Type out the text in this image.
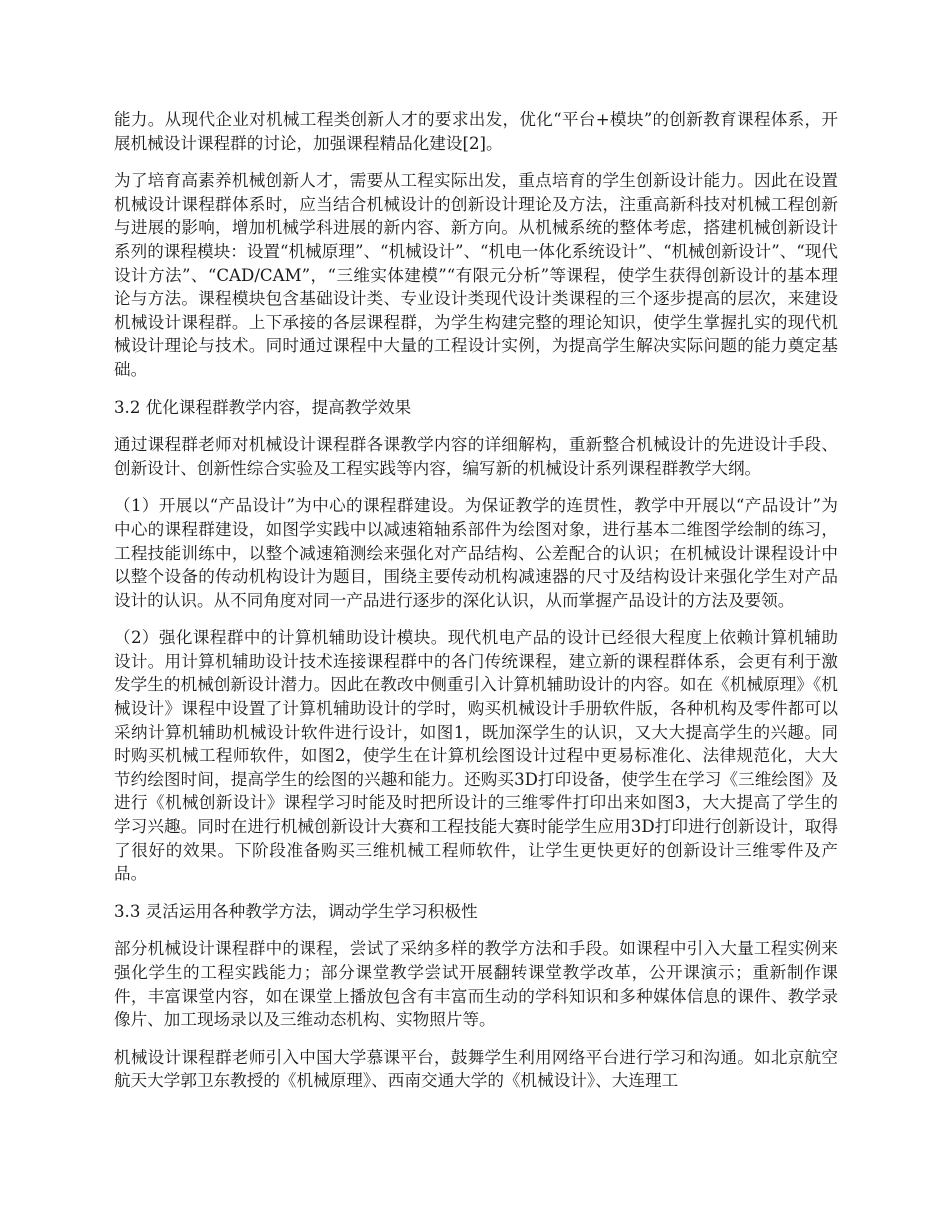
能力。从现代企业对机械工程类创新人才的要求出发，优化“平台+模块”的创新教育课程体系，开展机械设计课程群的讨论，加强课程精品化建设[2]。

为了培育高素养机械创新人才，需要从工程实际出发，重点培育的学生创新设计能力。因此在设置机械设计课程群体系时，应当结合机械设计的创新设计理论及方法，注重高新科技对机械工程创新与进展的影响，增加机械学科进展的新内容、新方向。从机械系统的整体考虑，搭建机械创新设计系列的课程模块：设置“机械原理”、“机械设计”、“机电一体化系统设计”、“机械创新设计”、“现代设计方法”、“CAD/CAM”，“三维实体建模”“有限元分析”等课程，使学生获得创新设计的基本理论与方法。课程模块包含基础设计类、专业设计类现代设计类课程的三个逐步提高的层次，来建设机械设计课程群。上下承接的各层课程群，为学生构建完整的理论知识，使学生掌握扎实的现代机械设计理论与技术。同时通过课程中大量的工程设计实例，为提高学生解决实际问题的能力奠定基础。

3.2 优化课程群教学内容，提高教学效果

通过课程群老师对机械设计课程群各课教学内容的详细解构，重新整合机械设计的先进设计手段、创新设计、创新性综合实验及工程实践等内容，编写新的机械设计系列课程群教学大纲。

（1）开展以“产品设计”为中心的课程群建设。为保证教学的连贯性，教学中开展以“产品设计”为中心的课程群建设，如图学实践中以减速箱轴系部件为绘图对象，进行基本二维图学绘制的练习，工程技能训练中，以整个减速箱测绘来强化对产品结构、公差配合的认识；在机械设计课程设计中以整个设备的传动机构设计为题目，围绕主要传动机构减速器的尺寸及结构设计来强化学生对产品设计的认识。从不同角度对同一产品进行逐步的深化认识，从而掌握产品设计的方法及要领。

（2）强化课程群中的计算机辅助设计模块。现代机电产品的设计已经很大程度上依赖计算机辅助设计。用计算机辅助设计技术连接课程群中的各门传统课程，建立新的课程群体系，会更有利于激发学生的机械创新设计潜力。因此在教改中侧重引入计算机辅助设计的内容。如在《机械原理》《机械设计》课程中设置了计算机辅助设计的学时，购买机械设计手册软件版，各种机构及零件都可以采纳计算机辅助机械设计软件进行设计，如图1，既加深学生的认识，又大大提高学生的兴趣。同时购买机械工程师软件，如图2，使学生在计算机绘图设计过程中更易标准化、法律规范化，大大节约绘图时间，提高学生的绘图的兴趣和能力。还购买3D打印设备，使学生在学习《三维绘图》及进行《机械创新设计》课程学习时能及时把所设计的三维零件打印出来如图3，大大提高了学生的学习兴趣。同时在进行机械创新设计大赛和工程技能大赛时能学生应用3D打印进行创新设计，取得了很好的效果。下阶段准备购买三维机械工程师软件，让学生更快更好的创新设计三维零件及产品。

3.3 灵活运用各种教学方法，调动学生学习积极性

部分机械设计课程群中的课程，尝试了采纳多样的教学方法和手段。如课程中引入大量工程实例来强化学生的工程实践能力；部分课堂教学尝试开展翻转课堂教学改革，公开课演示；重新制作课件，丰富课堂内容，如在课堂上播放包含有丰富而生动的学科知识和多种媒体信息的课件、教学录像片、加工现场录以及三维动态机构、实物照片等。

机械设计课程群老师引入中国大学慕课平台，鼓舞学生利用网络平台进行学习和沟通。如北京航空航天大学郭卫东教授的《机械原理》、西南交通大学的《机械设计》、大连理工
